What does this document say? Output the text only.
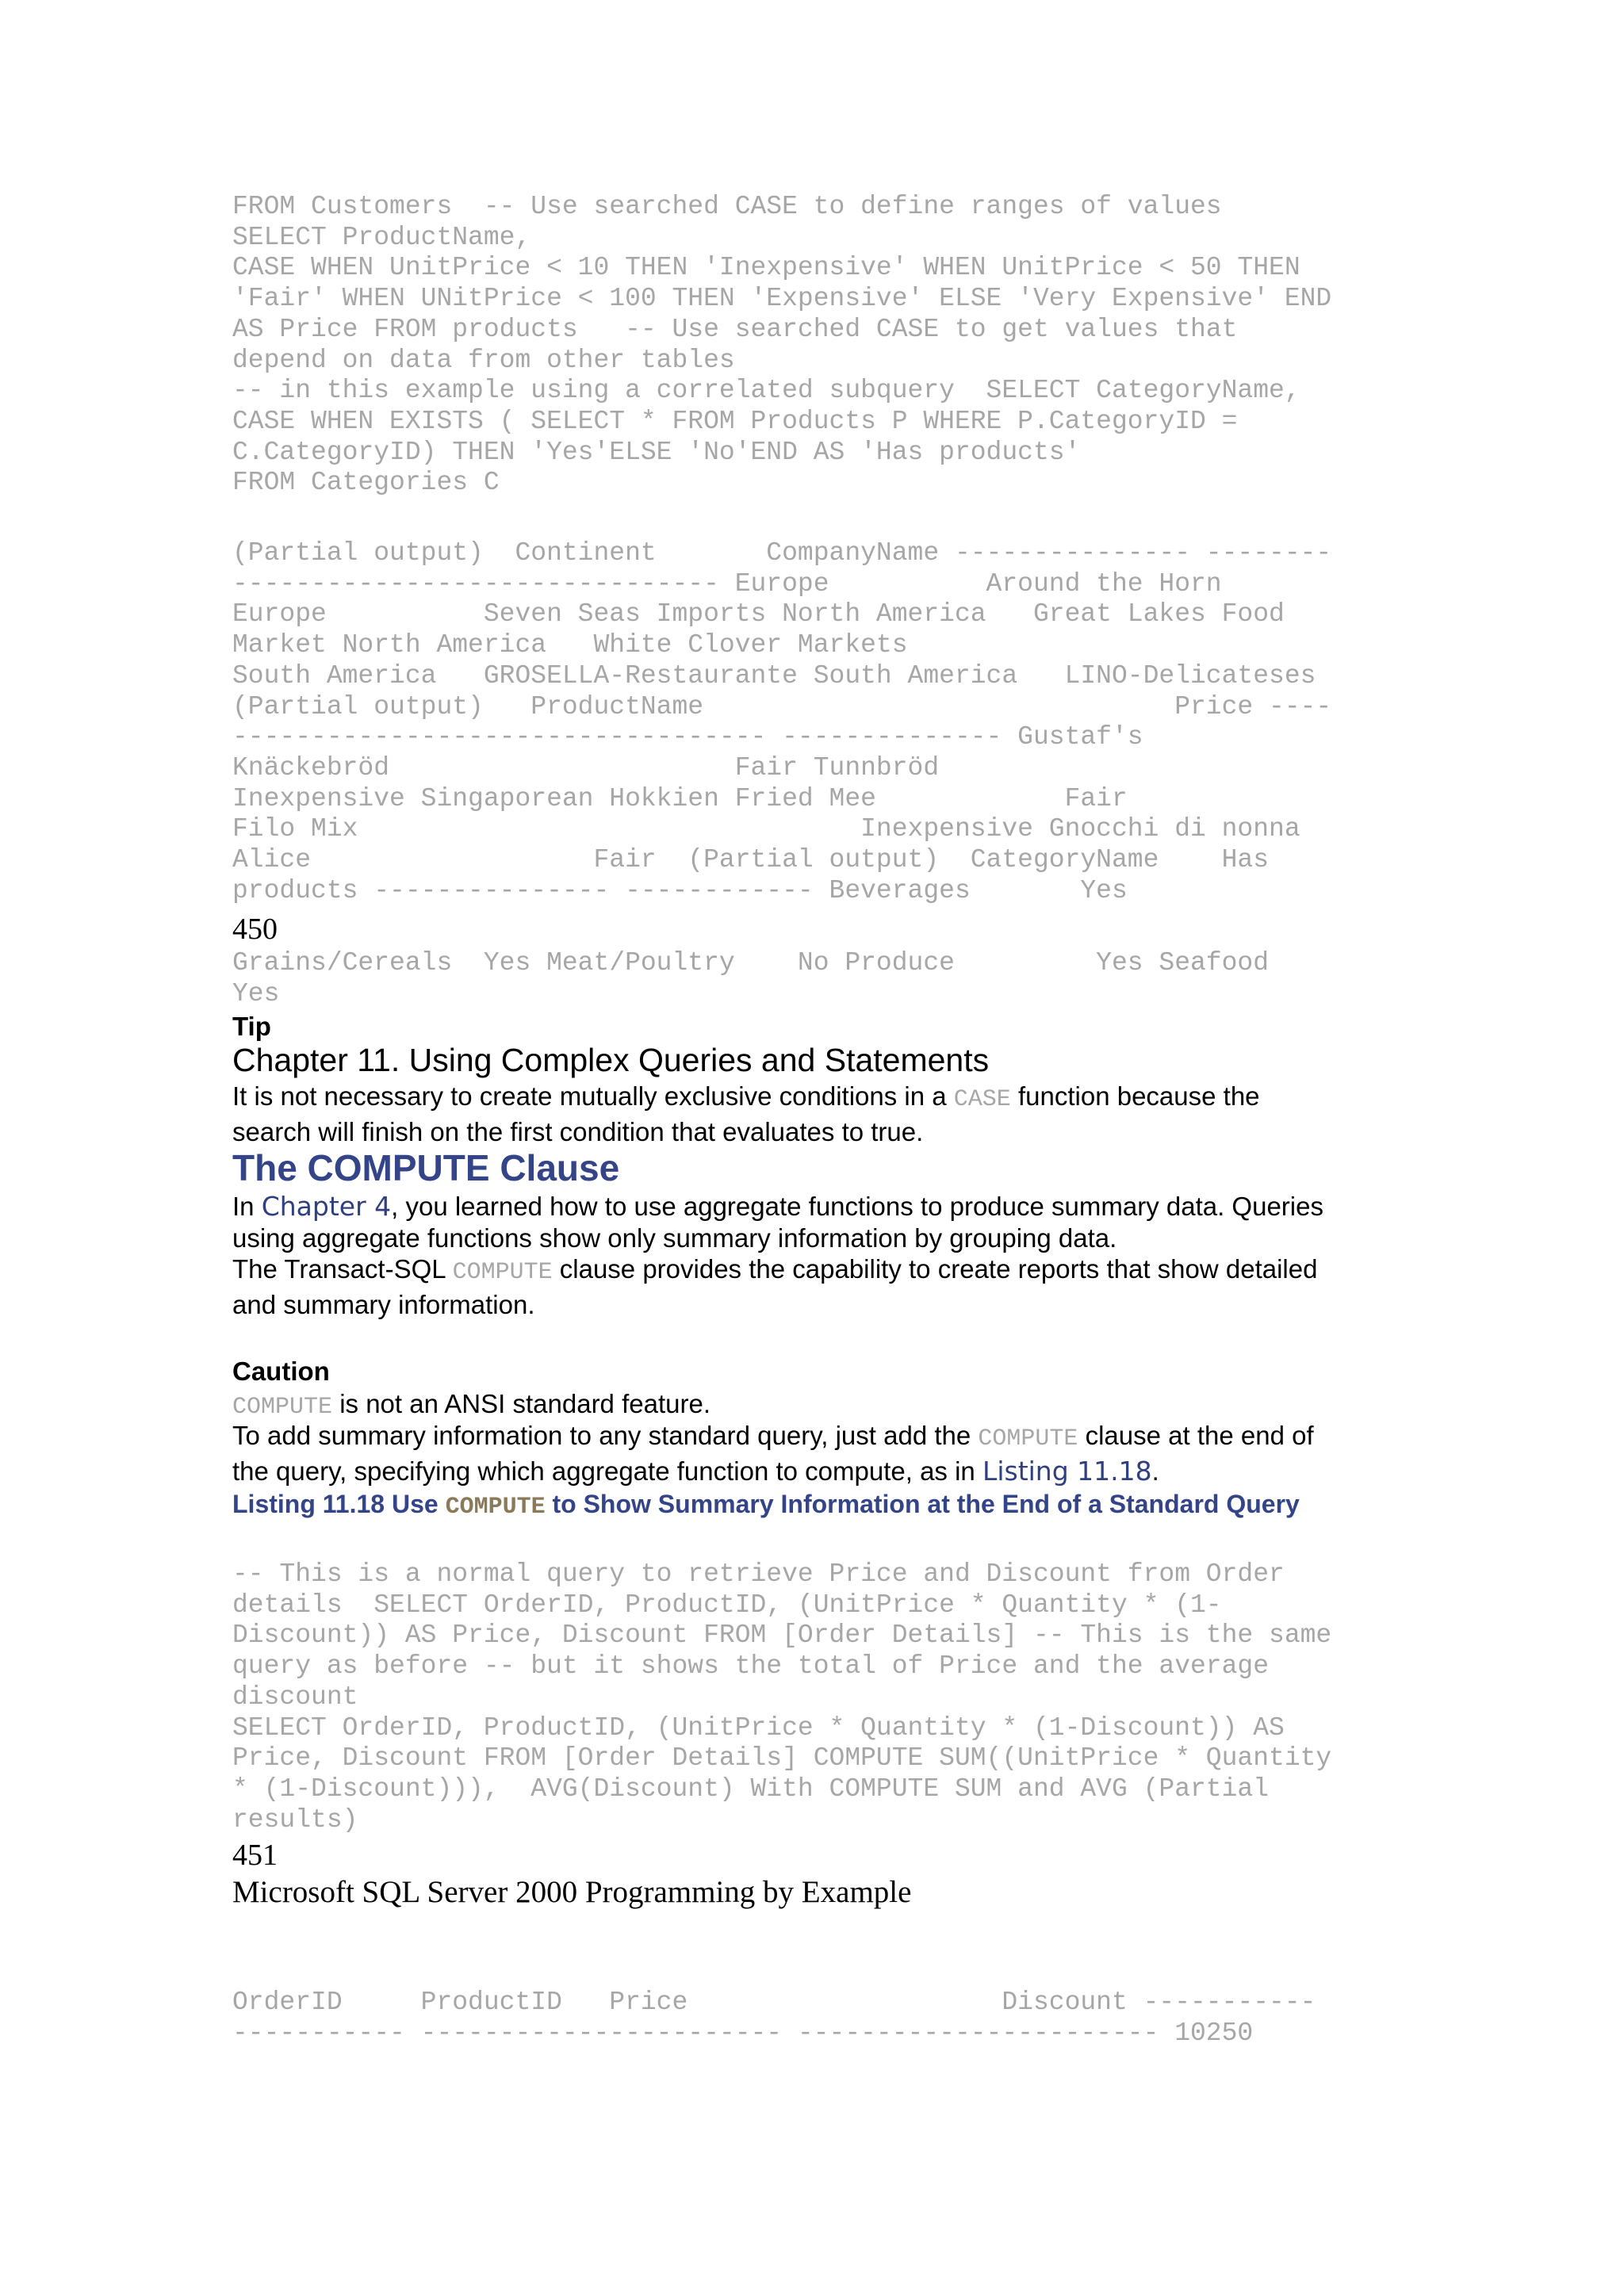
FROM Customers  -- Use searched CASE to define ranges of values
SELECT ProductName,
CASE WHEN UnitPrice < 10 THEN 'Inexpensive' WHEN UnitPrice < 50 THEN
'Fair' WHEN UNitPrice < 100 THEN 'Expensive' ELSE 'Very Expensive' END
AS Price FROM products   -- Use searched CASE to get values that
depend on data from other tables
-- in this example using a correlated subquery  SELECT CategoryName,
CASE WHEN EXISTS ( SELECT * FROM Products P WHERE P.CategoryID =
C.CategoryID) THEN 'Yes'ELSE 'No'END AS 'Has products'
FROM Categories C
(Partial output)  Continent       CompanyName --------------- --------
------------------------------- Europe          Around the Horn
Europe          Seven Seas Imports North America   Great Lakes Food
Market North America   White Clover Markets
South America   GROSELLA-Restaurante South America   LINO-Delicateses
(Partial output)   ProductName                              Price ----
---------------------------------- -------------- Gustaf's
Knäckebröd                      Fair Tunnbröd
Inexpensive Singaporean Hokkien Fried Mee            Fair
Filo Mix                                Inexpensive Gnocchi di nonna
Alice                  Fair  (Partial output)  CategoryName    Has
products --------------- ------------ Beverages       Yes
450
Grains/Cereals  Yes Meat/Poultry    No Produce         Yes Seafood
Yes
Tip
Chapter 11. Using Complex Queries and Statements
It is not necessary to create mutually exclusive conditions in a CASE function because the
search will finish on the first condition that evaluates to true.
The COMPUTE Clause
In Chapter 4, you learned how to use aggregate functions to produce summary data. Queries
using aggregate functions show only summary information by grouping data.
The Transact-SQL COMPUTE clause provides the capability to create reports that show detailed
and summary information.
Caution
COMPUTE is not an ANSI standard feature.
To add summary information to any standard query, just add the COMPUTE clause at the end of
the query, specifying which aggregate function to compute, as in Listing 11.18.
Listing 11.18 Use COMPUTE to Show Summary Information at the End of a Standard Query
-- This is a normal query to retrieve Price and Discount from Order
details  SELECT OrderID, ProductID, (UnitPrice * Quantity * (1-
Discount)) AS Price, Discount FROM [Order Details] -- This is the same
query as before -- but it shows the total of Price and the average
discount
SELECT OrderID, ProductID, (UnitPrice * Quantity * (1-Discount)) AS
Price, Discount FROM [Order Details] COMPUTE SUM((UnitPrice * Quantity
* (1-Discount))),  AVG(Discount) With COMPUTE SUM and AVG (Partial
results)
451
Microsoft SQL Server 2000 Programming by Example
OrderID     ProductID   Price                    Discount -----------
----------- ----------------------- ----------------------- 10250
